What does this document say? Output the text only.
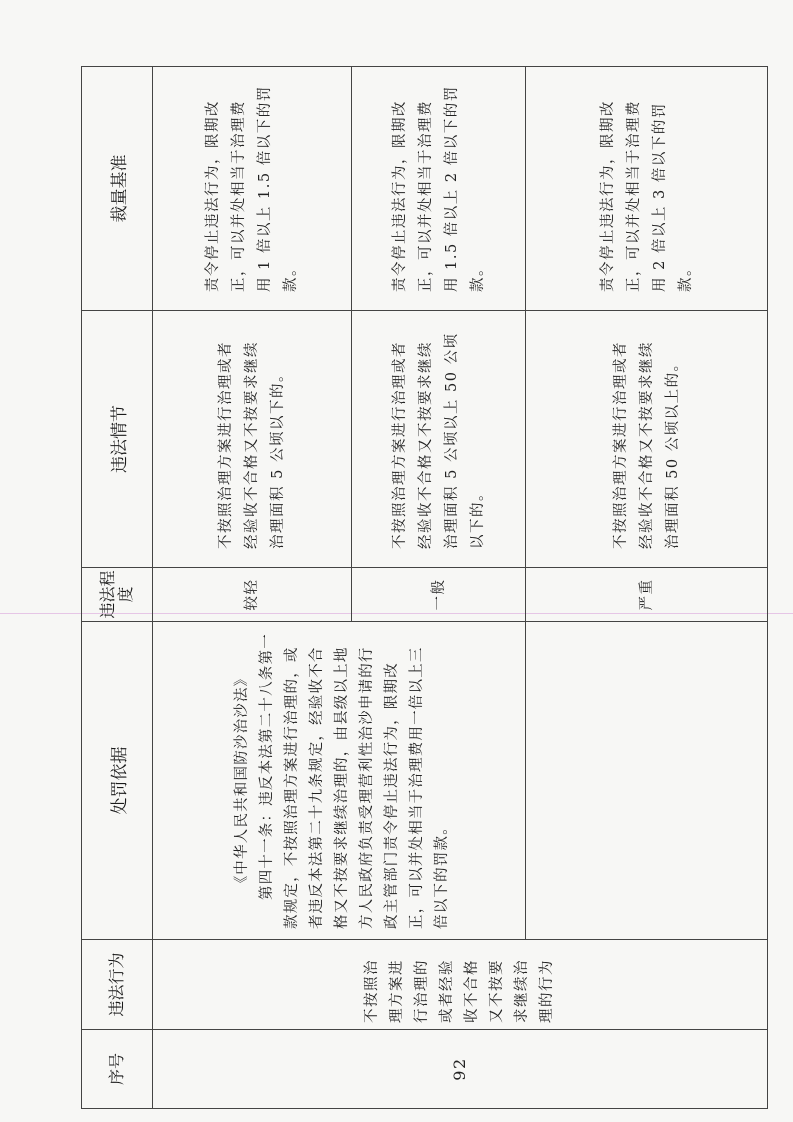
序号	违法行为	处罚依据	违法程度	违法情节	裁量基准
92	不按照治理方案进行治理的或者经验收不合格又不按要求继续治理的行为	《中华人民共和国防沙治沙法》 第四十一条：违反本法第二十八条第一款规定，不按照治理方案进行治理的，或者违反本法第二十九条规定，经验收不合格又不按要求继续治理的，由县级以上地方人民政府负责受理营利性治沙申请的行政主管部门责令停止违法行为，限期改正，可以并处相当于治理费用一倍以上三倍以下的罚款。	较轻	不按照治理方案进行治理或者经验收不合格又不按要求继续治理面积 5 公顷以下的。	责令停止违法行为，限期改正，可以并处相当于治理费用 1 倍以上 1.5 倍以下的罚款。
			一般	不按照治理方案进行治理或者经验收不合格又不按要求继续治理面积 5 公顷以上 50 公顷以下的。	责令停止违法行为，限期改正，可以并处相当于治理费用 1.5 倍以上 2 倍以下的罚款。
			严重	不按照治理方案进行治理或者经验收不合格又不按要求继续治理面积 50 公顷以上的。	责令停止违法行为，限期改正，可以并处相当于治理费用 2 倍以上 3 倍以下的罚款。
